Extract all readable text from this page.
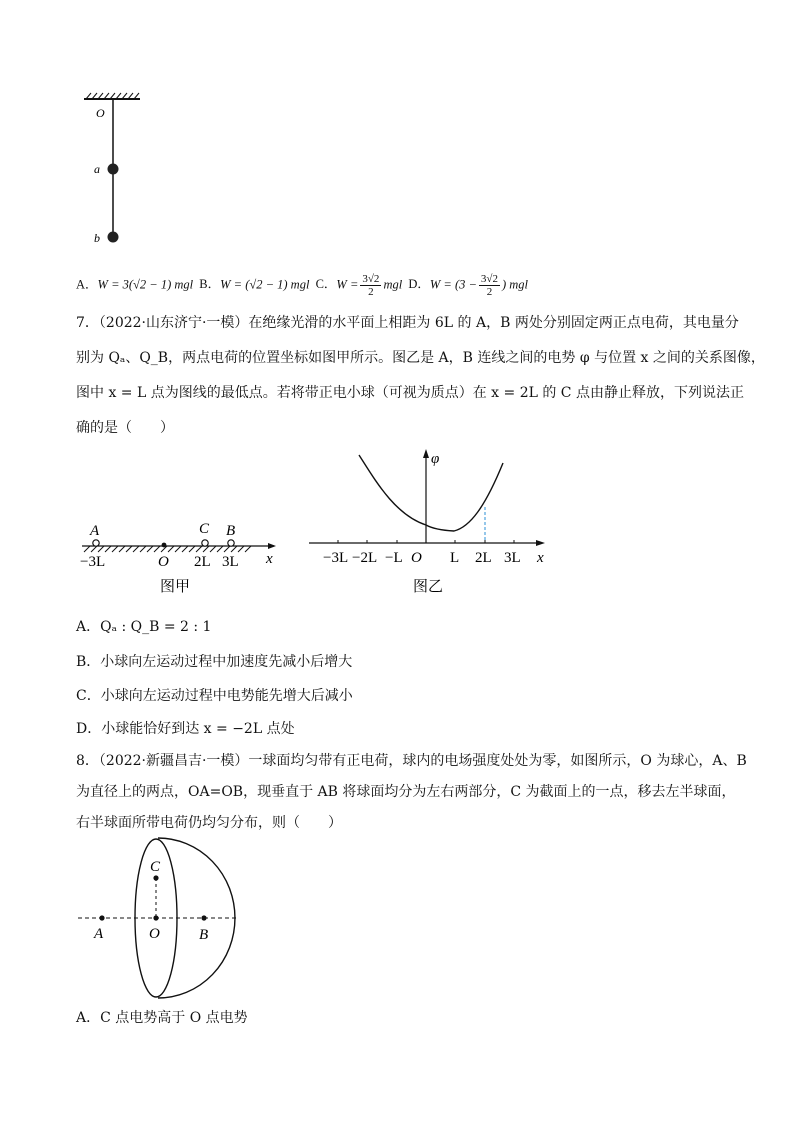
O
a
b
A．W = 3(√2 − 1) mgl B．W = (√2 − 1) mgl C．$W = \frac{3√2}{2}$ mgl D．$W = (3 - \frac{3√2}{2}$ ) mgl
7．（2022·山东济宁·一模）在绝缘光滑的水平面上相距为 6L 的 A，B 两处分别固定两正点电荷，其电量分
别为 Qₐ、Q_B，两点电荷的位置坐标如图甲所示。图乙是 A，B 连线之间的电势 φ 与位置 x 之间的关系图像，
图中 x = L 点为图线的最低点。若将带正电小球（可视为质点）在 x = 2L 的 C 点由静止释放，下列说法正
确的是（　　）
A	C B
x
−3L	O 2L 3L
图甲
φ
x
−3L −2L −L O L 2L 3L
图乙
A．Qₐ : Q_B = 2 : 1
B．小球向左运动过程中加速度先减小后增大
C．小球向左运动过程中电势能先增大后减小
D．小球能恰好到达 x = −2L 点处
8．（2022·新疆昌吉·一模）一球面均匀带有正电荷，球内的电场强度处处为零，如图所示，O 为球心，A、B
为直径上的两点，OA=OB，现垂直于 AB 将球面均分为左右两部分，C 为截面上的一点，移去左半球面，
右半球面所带电荷仍均匀分布，则（　　）
A	O	B
C
A．C 点电势高于 O 点电势
